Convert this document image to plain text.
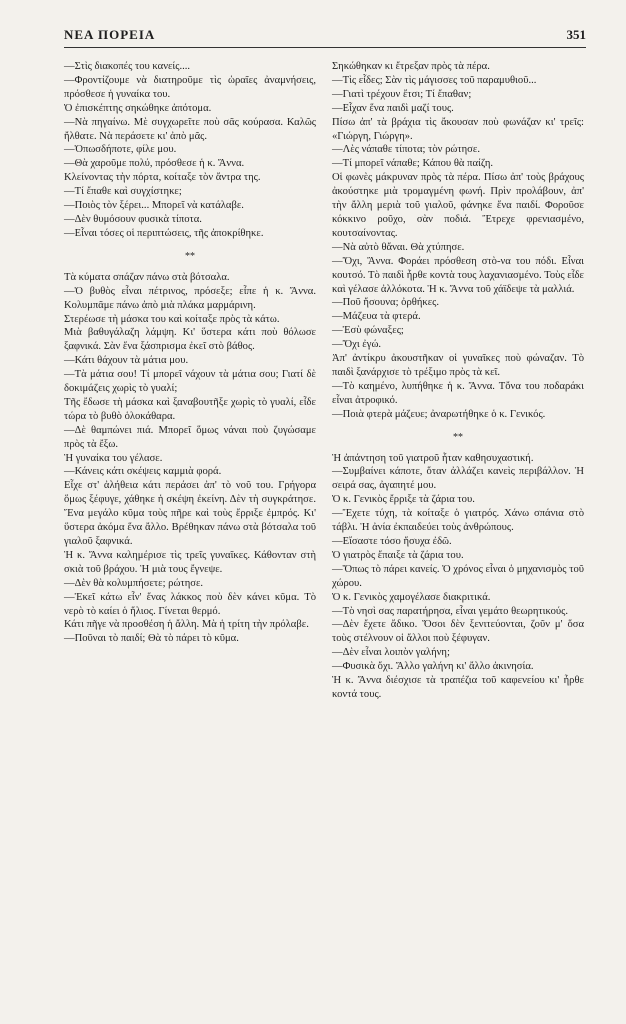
ΝΕΑ ΠΟΡΕΙΑ	351

—Στὶς διακοπές του κανείς....

—Φροντίζουμε νὰ διατηροῦμε τὶς ὡραῖες ἀναμνήσεις, πρόσθεσε ἡ γυναίκα του.

Ὁ ἐπισκέπτης σηκώθηκε ἀπότομα.

—Νὰ πηγαίνω. Μὲ συγχωρεῖτε ποὺ σᾶς κούρασα. Καλῶς ἤλθατε. Νὰ περάσετε κι' ἀπὸ μᾶς.

—Ὁπωσδήποτε, φίλε μου.

—Θὰ χαροῦμε πολύ, πρόσθεσε ἡ κ. Ἄννα.

Κλείνοντας τὴν πόρτα, κοίταξε τὸν ἄντρα της.

—Τί ἔπαθε καὶ συγχίστηκε;

—Ποιὸς τὸν ξέρει... Μπορεῖ νὰ κατάλαβε.

—Δὲν θυμόσουν φυσικὰ τίποτα.

—Εἶναι τόσες οἱ περιπτώσεις, τῆς ἀποκρίθηκε.

**

Τὰ κύματα σπάζαν πάνω στὰ βότσαλα.

—Ὁ βυθὸς εἶναι πέτρινος, πρόσεξε; εἶπε ἡ κ. Ἄννα. Κολυμπᾶμε πάνω ἀπὸ μιὰ πλάκα μαρμάρινη.

Στερέωσε τὴ μάσκα του καὶ κοίταξε πρὸς τὰ κάτω.

Μιὰ βαθυγάλαζη λάμψη. Κι' ὕστερα κάτι ποὺ θόλωσε ξαφνικά. Σὰν ἕνα ξάσπρισμα ἐκεῖ στὸ βάθος.

—Κάτι θάχουν τὰ μάτια μου.

—Τὰ μάτια σου! Τί μπορεῖ νάχουν τὰ μάτια σου; Γιατί δὲ δοκιμάζεις χωρὶς τὸ γυαλί;

Τῆς ἔδωσε τὴ μάσκα καὶ ξαναβουτῆξε χωρὶς τὸ γυαλί, εἶδε τώρα τὸ βυθὸ ὁλοκάθαρα.

—Δὲ θαμπώνει πιά. Μπορεῖ ὅμως νάναι ποὺ ζυγώσαμε πρὸς τὰ ἔξω.

Ἡ γυναίκα του γέλασε.

—Κάνεις κάτι σκέψεις καμμιὰ φορά.

Εἶχε στ' ἀλήθεια κάτι περάσει ἀπ' τὸ νοῦ του. Γρήγορα ὅμως ξέφυγε, χάθηκε ἡ σκέψη ἐκείνη. Δὲν τὴ συγκράτησε. Ἕνα μεγάλο κῦμα τοὺς πῆρε καὶ τοὺς ἔρριξε ἐμπρός. Κι' ὕστερα ἀκόμα ἕνα ἄλλο. Βρέθηκαν πάνω στὰ βότσαλα τοῦ γιαλοῦ ξαφνικά.

Ἡ κ. Ἄννα καλημέρισε τὶς τρεῖς γυναῖκες. Κάθονταν στὴ σκιὰ τοῦ βράχου. Ἡ μιὰ τους ἔγνεψε.

—Δὲν θὰ κολυμπήσετε; ρώτησε.

—Ἐκεῖ κάτω εἶν' ἕνας λάκκος ποὺ δὲν κάνει κῦμα. Τὸ νερὸ τὸ καίει ὁ ἥλιος. Γίνεται θερμό.

Κάτι πῆγε νὰ προσθέση ἡ ἄλλη. Μὰ ἡ τρίτη τὴν πρόλαβε.

—Ποῦναι τὸ παιδί; Θὰ τὸ πάρει τὸ κῦμα.

Σηκώθηκαν κι ἔτρεξαν πρὸς τὰ πέρα.

—Τὶς εἶδες; Σὰν τὶς μάγισσες τοῦ παραμυθιοῦ...

—Γιατὶ τρέχουν ἔτσι; Τί ἔπαθαν;

—Εἶχαν ἕνα παιδὶ μαζί τους.

Πίσω ἀπ' τὰ βράχια τὶς ἄκουσαν ποὺ φωνάζαν κι' τρεῖς: «Γιώργη, Γιώργη».

—Λὲς νάπαθε τίποτα; τὸν ρώτησε.

—Τί μπορεῖ νάπαθε; Κάπου θὰ παίζη.

Οἱ φωνὲς μάκρυναν πρὸς τὰ πέρα. Πίσω ἀπ' τοὺς βράχους ἀκούστηκε μιὰ τρομαγμένη φωνή. Πρὶν προλάβουν, ἀπ' τὴν ἄλλη μεριὰ τοῦ γιαλοῦ, φάνηκε ἕνα παιδί. Φοροῦσε κόκκινο ροῦχο, σὰν ποδιά. Ἔτρεχε φρενιασμένο, κουτσαίνοντας.

—Νὰ αὐτὸ θἄναι. Θὰ χτύπησε.

—Ὄχι, Ἄννα. Φοράει πρόσθεση στὸ-να του πόδι. Εἶναι κουτσό. Τὸ παιδὶ ἦρθε κοντὰ τους λαχανιασμένο. Τοὺς εἶδε καὶ γέλασε ἀλλόκοτα. Ἡ κ. Ἄννα τοῦ χάϊδεψε τὰ μαλλιά.

—Ποῦ ἤσουνα; ὀρθήκες.

—Μάζευα τὰ φτερά.

—Ἐσὺ φώναξες;

—Ὄχι ἐγώ.

Ἀπ' ἀντίκρυ ἀκουστῆκαν οἱ γυναῖκες ποὺ φώναζαν. Τὸ παιδὶ ξανάρχισε τὸ τρέξιμο πρὸς τὰ κεῖ.

—Τὸ καημένο, λυπήθηκε ἡ κ. Ἄννα. Τὄνα του ποδαράκι εἶναι ἀτροφικό.

—Ποιὰ φτερὰ μάζευε; ἀναρωτήθηκε ὁ κ. Γενικός.

**

Ἡ ἀπάντηση τοῦ γιατροῦ ἦταν καθησυχαστική.

—Συμβαίνει κάποτε, ὅταν ἀλλάζει κανεὶς περιβάλλον. Ἡ σειρά σας, ἀγαπητέ μου.

Ὁ κ. Γενικὸς ἔρριξε τὰ ζάρια του.

—Ἔχετε τύχη, τὰ κοίταξε ὁ γιατρός. Χάνω σπάνια στὸ τάβλι. Ἡ ἀνία ἐκπαιδεύει τοὺς ἀνθρώπους.

—Εἴσαστε τόσο ἥσυχα ἐδῶ.

Ὁ γιατρὸς ἔπαιξε τὰ ζάρια του.

—Ὅπως τὸ πάρει κανείς. Ὁ χρόνος εἶναι ὁ μηχανισμὸς τοῦ χώρου.

Ὁ κ. Γενικὸς χαμογέλασε διακριτικά.

—Τὸ νησὶ σας παρατήρησα, εἶναι γεμάτο θεωρητικούς.

—Δὲν ἔχετε ἄδικο. Ὅσοι δὲν ξενιτεύονται, ζοῦν μ' ὅσα τοὺς στέλνουν οἱ ἄλλοι ποὺ ξέφυγαν.

—Δὲν εἶναι λοιπὸν γαλήνη;

—Φυσικὰ ὄχι. Ἄλλο γαλήνη κι' ἄλλο ἀκινησία.

Ἡ κ. Ἄννα διέσχισε τὰ τραπέζια τοῦ καφενείου κι' ἦρθε κοντά τους.
